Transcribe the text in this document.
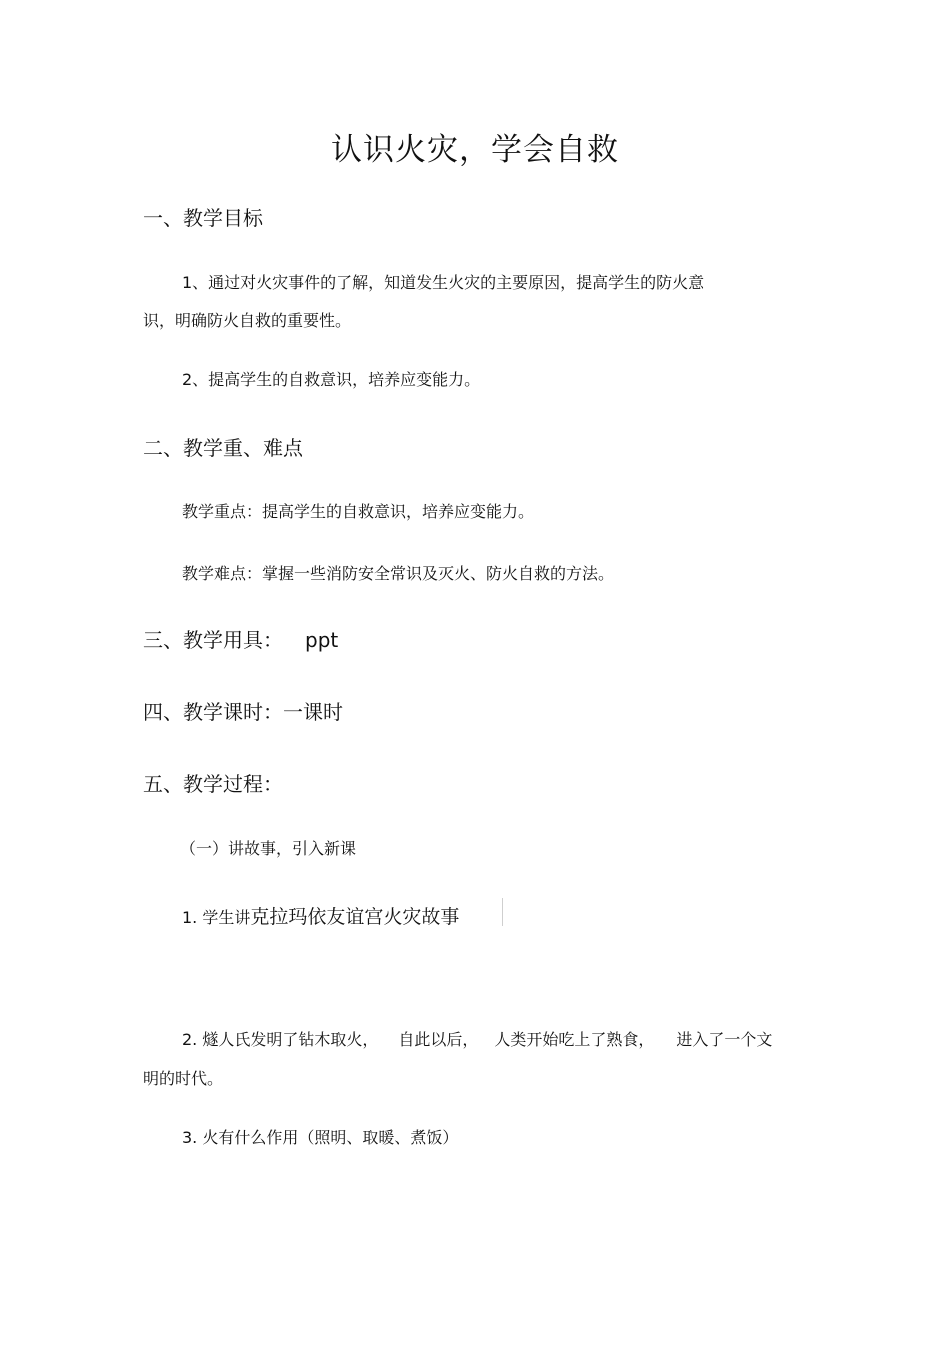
认识火灾，学会自救
一、教学目标
1、通过对火灾事件的了解，知道发生火灾的主要原因，提高学生的防火意
识，明确防火自救的重要性。
2、提高学生的自救意识，培养应变能力。
二、教学重、难点
教学重点：提高学生的自救意识，培养应变能力。
教学难点：掌握一些消防安全常识及灭火、防火自救的方法。
三、教学用具： ppt
四、教学课时：一课时
五、教学过程：
（一）讲故事，引入新课
1. 学生讲克拉玛依友谊宫火灾故事
2. 燧人氏发明了钻木取火， 自此以后， 人类开始吃上了熟食， 进入了一个文
明的时代。
3. 火有什么作用（照明、取暖、煮饭）
